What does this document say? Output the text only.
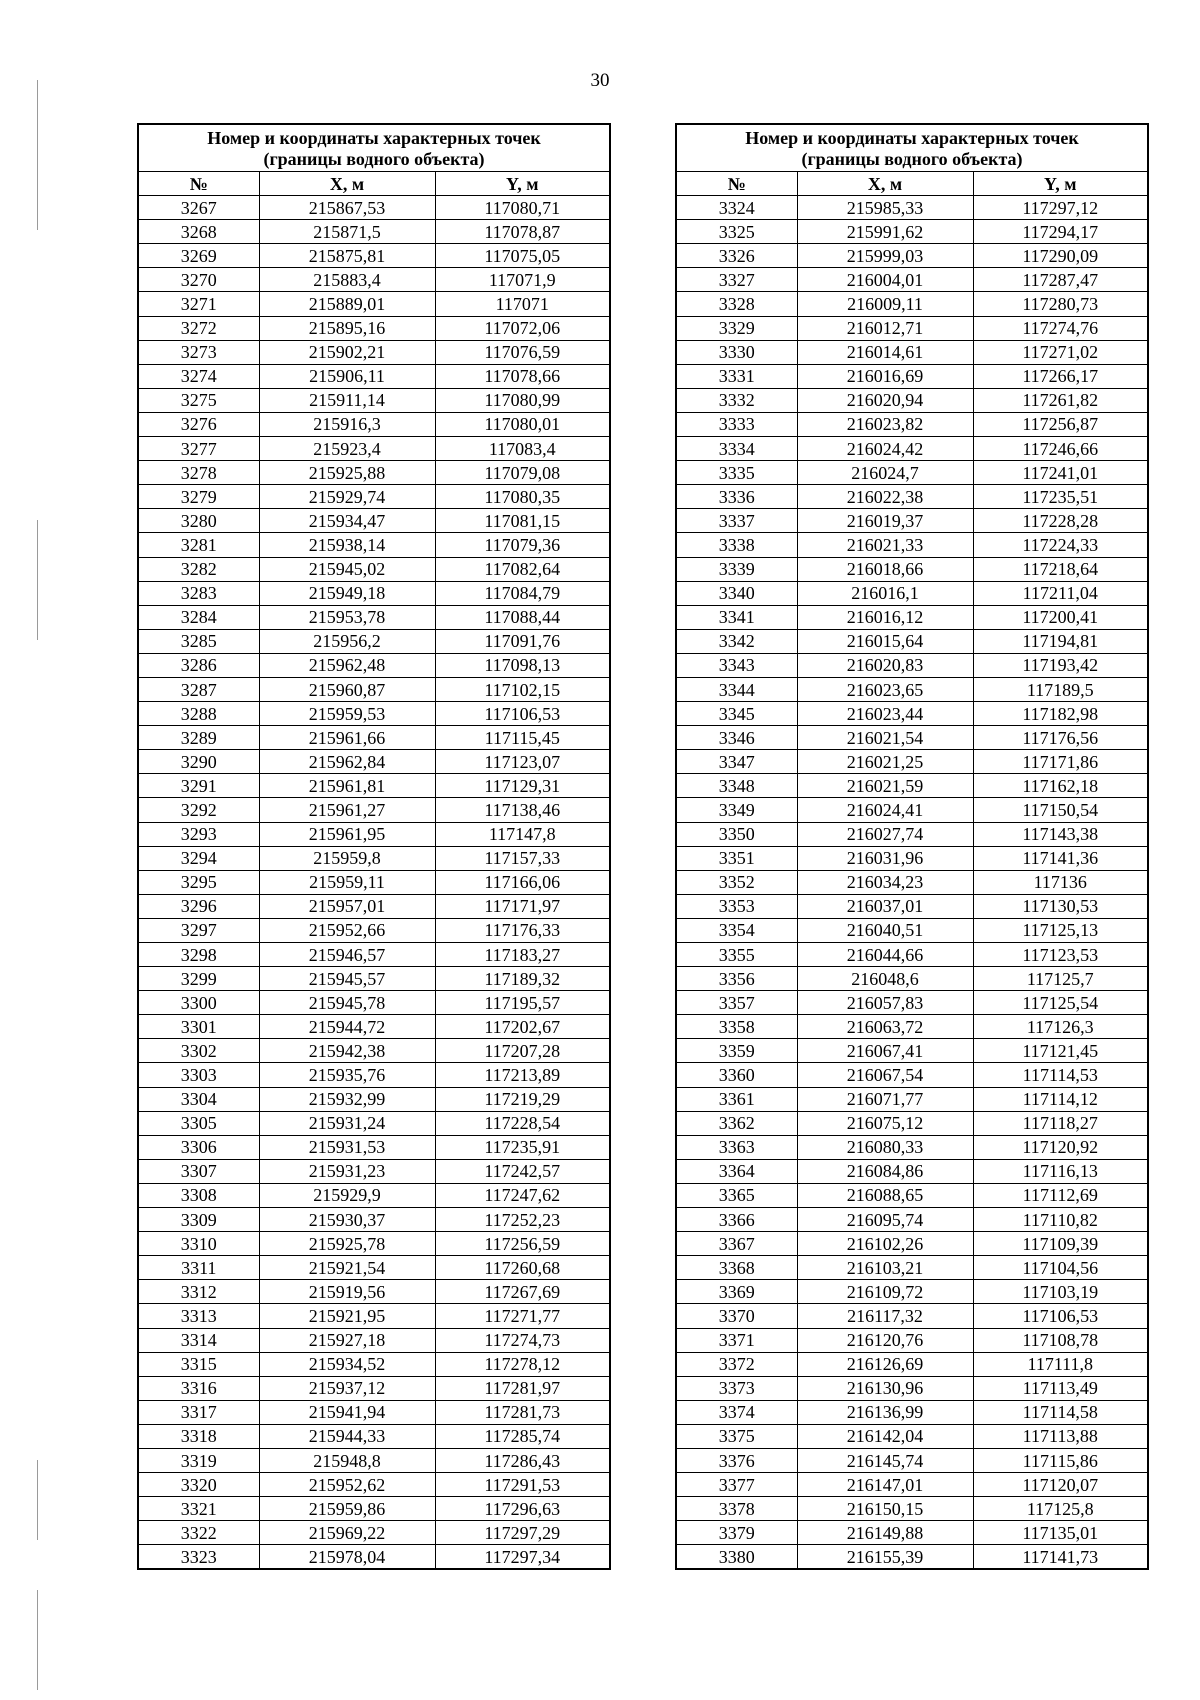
30
Номер и координаты характерных точек
(границы водного объекта)		
№	X, м	Y, м
3267	215867,53	117080,71
3268	215871,5	117078,87
3269	215875,81	117075,05
3270	215883,4	117071,9
3271	215889,01	117071
3272	215895,16	117072,06
3273	215902,21	117076,59
3274	215906,11	117078,66
3275	215911,14	117080,99
3276	215916,3	117080,01
3277	215923,4	117083,4
3278	215925,88	117079,08
3279	215929,74	117080,35
3280	215934,47	117081,15
3281	215938,14	117079,36
3282	215945,02	117082,64
3283	215949,18	117084,79
3284	215953,78	117088,44
3285	215956,2	117091,76
3286	215962,48	117098,13
3287	215960,87	117102,15
3288	215959,53	117106,53
3289	215961,66	117115,45
3290	215962,84	117123,07
3291	215961,81	117129,31
3292	215961,27	117138,46
3293	215961,95	117147,8
3294	215959,8	117157,33
3295	215959,11	117166,06
3296	215957,01	117171,97
3297	215952,66	117176,33
3298	215946,57	117183,27
3299	215945,57	117189,32
3300	215945,78	117195,57
3301	215944,72	117202,67
3302	215942,38	117207,28
3303	215935,76	117213,89
3304	215932,99	117219,29
3305	215931,24	117228,54
3306	215931,53	117235,91
3307	215931,23	117242,57
3308	215929,9	117247,62
3309	215930,37	117252,23
3310	215925,78	117256,59
3311	215921,54	117260,68
3312	215919,56	117267,69
3313	215921,95	117271,77
3314	215927,18	117274,73
3315	215934,52	117278,12
3316	215937,12	117281,97
3317	215941,94	117281,73
3318	215944,33	117285,74
3319	215948,8	117286,43
3320	215952,62	117291,53
3321	215959,86	117296,63
3322	215969,22	117297,29
3323	215978,04	117297,34
Номер и координаты характерных точек
(границы водного объекта)		
№	X, м	Y, м
3324	215985,33	117297,12
3325	215991,62	117294,17
3326	215999,03	117290,09
3327	216004,01	117287,47
3328	216009,11	117280,73
3329	216012,71	117274,76
3330	216014,61	117271,02
3331	216016,69	117266,17
3332	216020,94	117261,82
3333	216023,82	117256,87
3334	216024,42	117246,66
3335	216024,7	117241,01
3336	216022,38	117235,51
3337	216019,37	117228,28
3338	216021,33	117224,33
3339	216018,66	117218,64
3340	216016,1	117211,04
3341	216016,12	117200,41
3342	216015,64	117194,81
3343	216020,83	117193,42
3344	216023,65	117189,5
3345	216023,44	117182,98
3346	216021,54	117176,56
3347	216021,25	117171,86
3348	216021,59	117162,18
3349	216024,41	117150,54
3350	216027,74	117143,38
3351	216031,96	117141,36
3352	216034,23	117136
3353	216037,01	117130,53
3354	216040,51	117125,13
3355	216044,66	117123,53
3356	216048,6	117125,7
3357	216057,83	117125,54
3358	216063,72	117126,3
3359	216067,41	117121,45
3360	216067,54	117114,53
3361	216071,77	117114,12
3362	216075,12	117118,27
3363	216080,33	117120,92
3364	216084,86	117116,13
3365	216088,65	117112,69
3366	216095,74	117110,82
3367	216102,26	117109,39
3368	216103,21	117104,56
3369	216109,72	117103,19
3370	216117,32	117106,53
3371	216120,76	117108,78
3372	216126,69	117111,8
3373	216130,96	117113,49
3374	216136,99	117114,58
3375	216142,04	117113,88
3376	216145,74	117115,86
3377	216147,01	117120,07
3378	216150,15	117125,8
3379	216149,88	117135,01
3380	216155,39	117141,73
